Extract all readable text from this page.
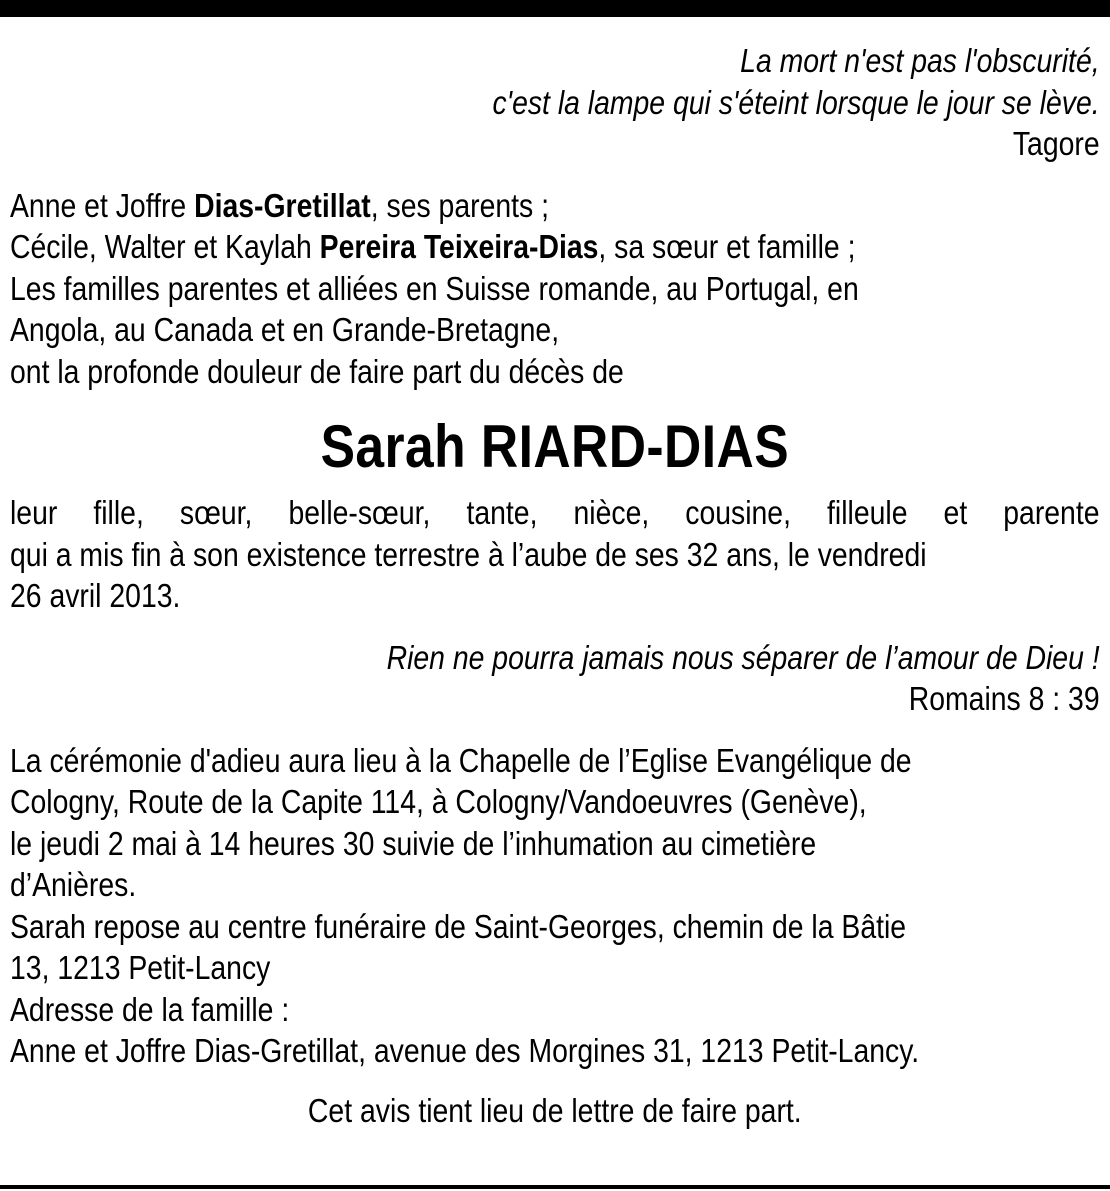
La mort n'est pas l'obscurité,
c'est la lampe qui s'éteint lorsque le jour se lève.
Tagore
Anne et Joffre Dias-Gretillat, ses parents ;
Cécile, Walter et Kaylah Pereira Teixeira-Dias, sa sœur et famille ;
Les familles parentes et alliées en Suisse romande, au Portugal, en
Angola, au Canada et en Grande-Bretagne,
ont la profonde douleur de faire part du décès de
Sarah RIARD-DIAS
leur fille, sœur, belle-sœur, tante, nièce, cousine, filleule et parente
qui a mis fin à son existence terrestre à l’aube de ses 32 ans, le vendredi
26 avril 2013.
Rien ne pourra jamais nous séparer de l’amour de Dieu !
Romains 8 : 39
La cérémonie d'adieu aura lieu à la Chapelle de l’Eglise Evangélique de
Cologny, Route de la Capite 114, à Cologny/Vandoeuvres (Genève),
le jeudi 2 mai à 14 heures 30 suivie de l’inhumation au cimetière
d’Anières.
Sarah repose au centre funéraire de Saint-Georges, chemin de la Bâtie
13, 1213 Petit-Lancy
Adresse de la famille :
Anne et Joffre Dias-Gretillat, avenue des Morgines 31, 1213 Petit-Lancy.
Cet avis tient lieu de lettre de faire part.
